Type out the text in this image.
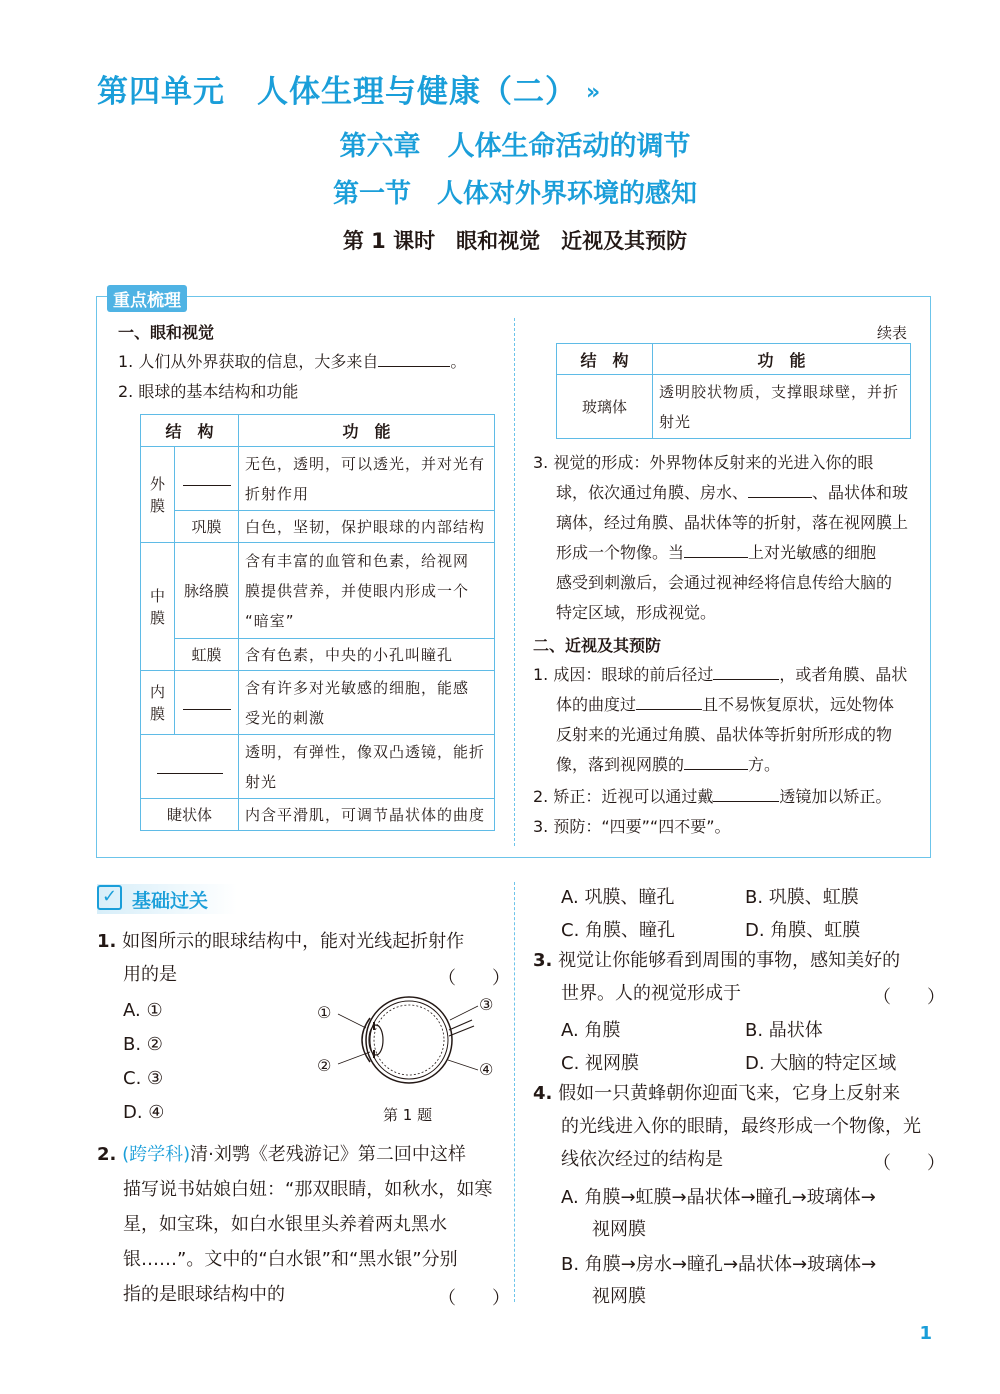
第四单元　人体生理与健康（二） »
第六章　人体生命活动的调节
第一节　人体对外界环境的感知
第 1 课时　眼和视觉　近视及其预防
重点梳理
一、眼和视觉
1. 人们从外界获取的信息，大多来自	。
2. 眼球的基本结构和功能
结　构		功　能
外
膜		无色，透明，可以透光，并对光有
折射作用
	巩膜	白色，坚韧，保护眼球的内部结构
中
膜	脉络膜	含有丰富的血管和色素，给视网
膜提供营养，并使眼内形成一个
“暗室”
	虹膜	含有色素，中央的小孔叫瞳孔
内
膜		含有许多对光敏感的细胞，能感
受光的刺激
		透明，有弹性，像双凸透镜，能折
射光
睫状体		内含平滑肌，可调节晶状体的曲度
续表
结　构	功　能
玻璃体	透明胶状物质，支撑眼球壁，并折
射光
3. 视觉的形成：外界物体反射来的光进入你的眼
球，依次通过角膜、房水、	、晶状体和玻
璃体，经过角膜、晶状体等的折射，落在视网膜上
形成一个物像。当	上对光敏感的细胞
感受到刺激后，会通过视神经将信息传给大脑的
特定区域，形成视觉。
二、近视及其预防
1. 成因：眼球的前后径过	，或者角膜、晶状
体的曲度过	且不易恢复原状，远处物体
反射来的光通过角膜、晶状体等折射所形成的物
像，落到视网膜的	方。
2. 矫正：近视可以通过戴	透镜加以矫正。
3. 预防：“四要”“四不要”。
✓ 基础过关
1. 如图所示的眼球结构中，能对光线起折射作
用的是	（　　）
A. ①
B. ②
C. ③
D. ④
①
②
③
④
第 1 题
2. (跨学科)清·刘鹗《老残游记》第二回中这样
描写说书姑娘白妞：“那双眼睛，如秋水，如寒
星，如宝珠，如白水银里头养着两丸黑水
银……”。文中的“白水银”和“黑水银”分别
指的是眼球结构中的	（　　）
A. 巩膜、瞳孔	B. 巩膜、虹膜
C. 角膜、瞳孔	D. 角膜、虹膜
3. 视觉让你能够看到周围的事物，感知美好的
世界。人的视觉形成于	（　　）
A. 角膜	B. 晶状体
C. 视网膜	D. 大脑的特定区域
4. 假如一只黄蜂朝你迎面飞来，它身上反射来
的光线进入你的眼睛，最终形成一个物像，光
线依次经过的结构是	（　　）
A. 角膜→虹膜→晶状体→瞳孔→玻璃体→
视网膜
B. 角膜→房水→瞳孔→晶状体→玻璃体→
视网膜
1
